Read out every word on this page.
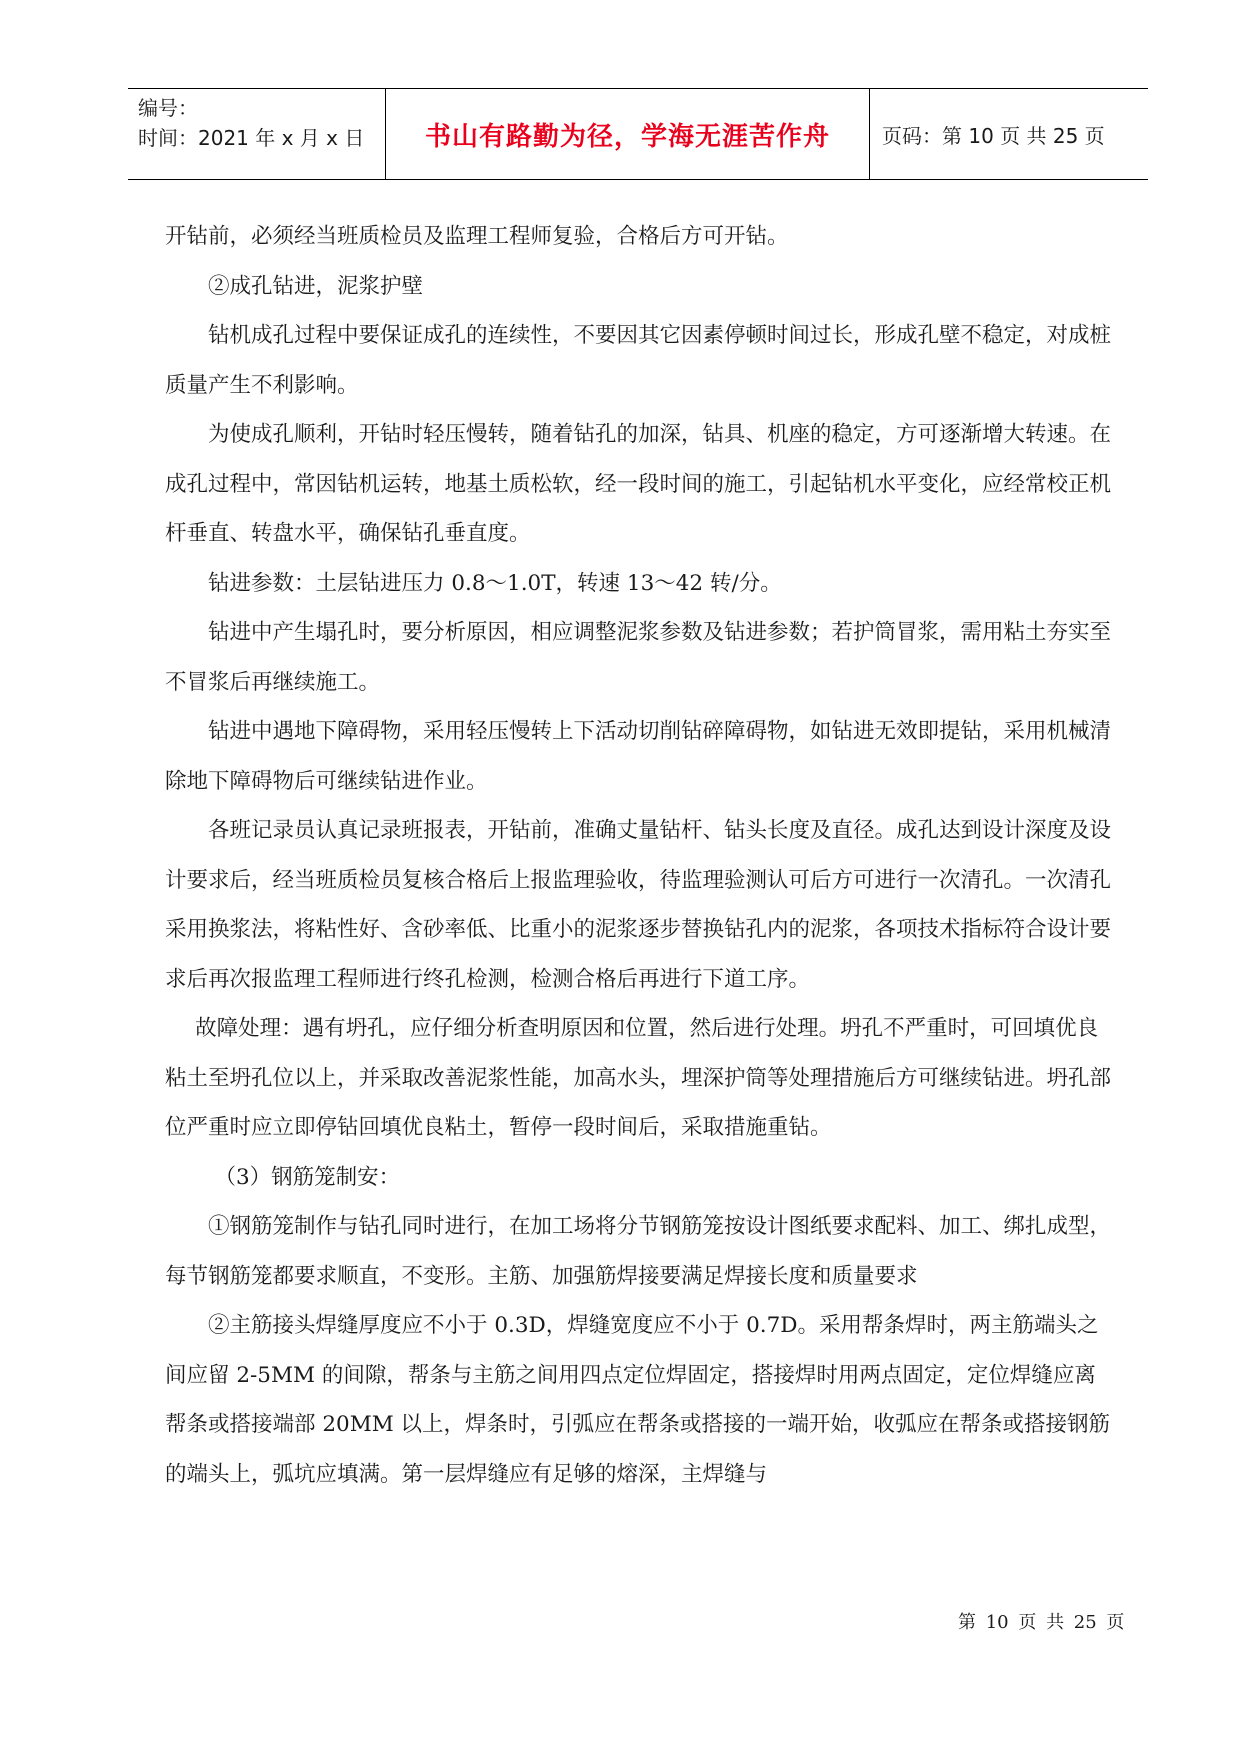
编号：
时间：2021 年 x 月 x 日	书山有路勤为径，学海无涯苦作舟	页码：第 10 页 共 25 页

开钻前，必须经当班质检员及监理工程师复验，合格后方可开钻。

②成孔钻进，泥浆护壁

钻机成孔过程中要保证成孔的连续性，不要因其它因素停顿时间过长，形成孔壁不稳定，对成桩质量产生不利影响。

为使成孔顺利，开钻时轻压慢转，随着钻孔的加深，钻具、机座的稳定，方可逐渐增大转速。在成孔过程中，常因钻机运转，地基土质松软，经一段时间的施工，引起钻机水平变化，应经常校正机杆垂直、转盘水平，确保钻孔垂直度。

钻进参数：土层钻进压力 0.8～1.0T，转速 13～42 转/分。

钻进中产生塌孔时，要分析原因，相应调整泥浆参数及钻进参数；若护筒冒浆，需用粘土夯实至不冒浆后再继续施工。

钻进中遇地下障碍物，采用轻压慢转上下活动切削钻碎障碍物，如钻进无效即提钻，采用机械清除地下障碍物后可继续钻进作业。

各班记录员认真记录班报表，开钻前，准确丈量钻杆、钻头长度及直径。成孔达到设计深度及设计要求后，经当班质检员复核合格后上报监理验收，待监理验测认可后方可进行一次清孔。一次清孔采用换浆法，将粘性好、含砂率低、比重小的泥浆逐步替换钻孔内的泥浆，各项技术指标符合设计要求后再次报监理工程师进行终孔检测，检测合格后再进行下道工序。

故障处理：遇有坍孔，应仔细分析查明原因和位置，然后进行处理。坍孔不严重时，可回填优良粘土至坍孔位以上，并采取改善泥浆性能，加高水头，埋深护筒等处理措施后方可继续钻进。坍孔部位严重时应立即停钻回填优良粘土，暂停一段时间后，采取措施重钻。

（3）钢筋笼制安：

①钢筋笼制作与钻孔同时进行，在加工场将分节钢筋笼按设计图纸要求配料、加工、绑扎成型，每节钢筋笼都要求顺直，不变形。主筋、加强筋焊接要满足焊接长度和质量要求

②主筋接头焊缝厚度应不小于 0.3D，焊缝宽度应不小于 0.7D。采用帮条焊时，两主筋端头之间应留 2-5MM 的间隙，帮条与主筋之间用四点定位焊固定，搭接焊时用两点固定，定位焊缝应离帮条或搭接端部 20MM 以上，焊条时，引弧应在帮条或搭接的一端开始，收弧应在帮条或搭接钢筋的端头上，弧坑应填满。第一层焊缝应有足够的熔深，主焊缝与

第 10 页 共 25 页
